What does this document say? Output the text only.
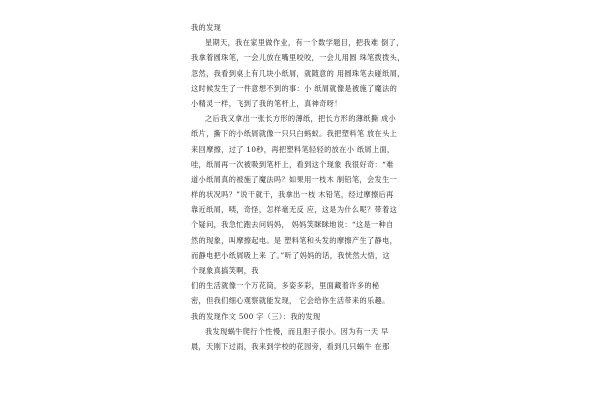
我的发现
星期天，我在家里做作业，有一个数学题目，把我难 倒了，
我拿着圆珠笔，一会儿放在嘴里咬咬，一会儿用圆 珠笔拨拨头，
忽然，我看到桌上有几块小纸屑，就随意的 用圆珠笔去碰纸屑，
这时候发生了一件意想不到的事：小 纸屑就像是被施了魔法的
小精灵一样，飞到了我的笔杆上，真神奇呀！
之后我又拿出一张长方形的薄纸，把长方形的薄纸撕 成小
纸片，撕下的小纸屑就像一只只白蚂蚁。我把塑料笔 放在头上
来回摩擦，过了 10秒，再把塑料笔轻轻的放在小 纸屑上面，
哇，纸屑再一次被吸到笔杆上，看到这个现象 我很好奇：“难
道小纸屑真的被施了魔法吗？如果用一枝木 制铅笔，会发生一
样的状况吗？”说干就干，我拿出一枝 木铅笔，经过摩擦后再
靠近纸屑，咦，奇怪，怎样毫无反 应，这是为什么呢？带着这
个疑问，我急忙跑去问妈妈， 妈妈笑眯眯地说：“这是一种自
然的现象，叫摩擦起电。是 塑料笔和头发的摩擦产生了静电，
而静电把小纸屑吸上来 了。”听了妈妈的话，我恍然大悟，这
个现象真搞笑啊，我
们的生活就像一个万花筒，多姿多彩，里面藏着许多的秘
密，但我们细心观察就能发现， 它会给你生活带来的乐趣。
我的发现作文 500 字（三）：我的发现
我发现蜗牛爬行个性慢，而且胆子很小。因为有一天 早
晨，天刚下过雨，我来到学校的花园旁，看到几只蜗牛 在那
